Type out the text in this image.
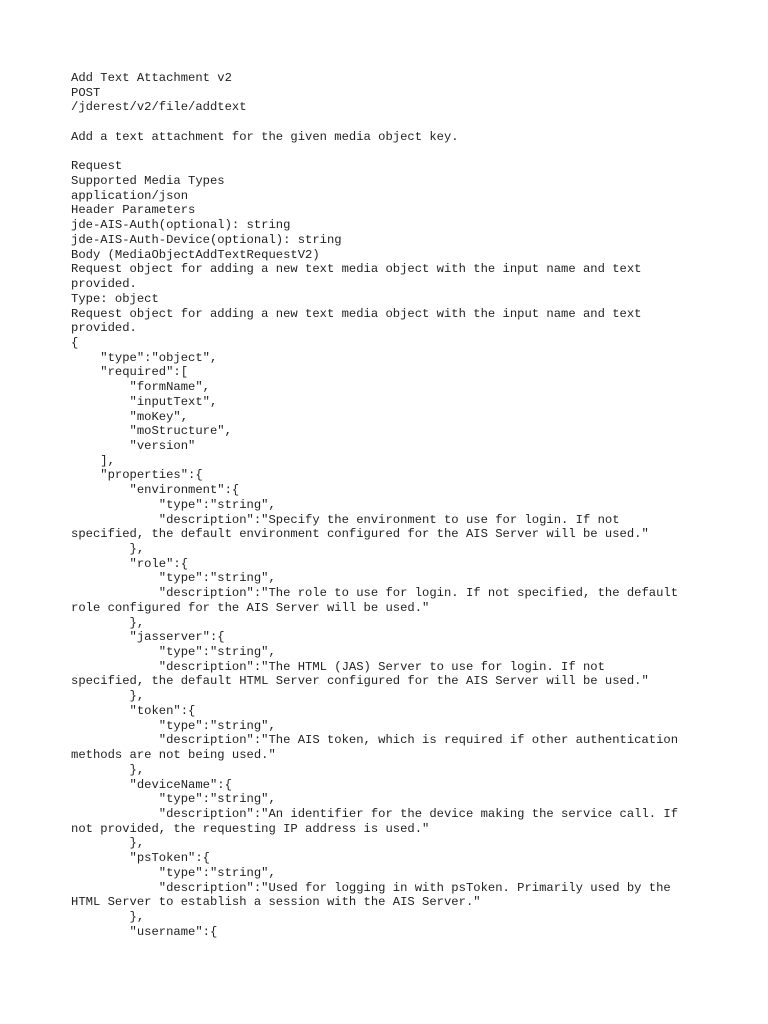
Add Text Attachment v2
POST
/jderest/v2/file/addtext
Add a text attachment for the given media object key.
Request
Supported Media Types
application/json
Header Parameters
jde-AIS-Auth(optional): string
jde-AIS-Auth-Device(optional): string
Body (MediaObjectAddTextRequestV2)
Request object for adding a new text media object with the input name and text
provided.
Type: object
Request object for adding a new text media object with the input name and text
provided.
{
"type":"object",
"required":[
"formName",
"inputText",
"moKey",
"moStructure",
"version"
],
"properties":{
"environment":{
"type":"string",
"description":"Specify the environment to use for login. If not
specified, the default environment configured for the AIS Server will be used."
},
"role":{
"type":"string",
"description":"The role to use for login. If not specified, the default
role configured for the AIS Server will be used."
},
"jasserver":{
"type":"string",
"description":"The HTML (JAS) Server to use for login. If not
specified, the default HTML Server configured for the AIS Server will be used."
},
"token":{
"type":"string",
"description":"The AIS token, which is required if other authentication
methods are not being used."
},
"deviceName":{
"type":"string",
"description":"An identifier for the device making the service call. If
not provided, the requesting IP address is used."
},
"psToken":{
"type":"string",
"description":"Used for logging in with psToken. Primarily used by the
HTML Server to establish a session with the AIS Server."
},
"username":{
